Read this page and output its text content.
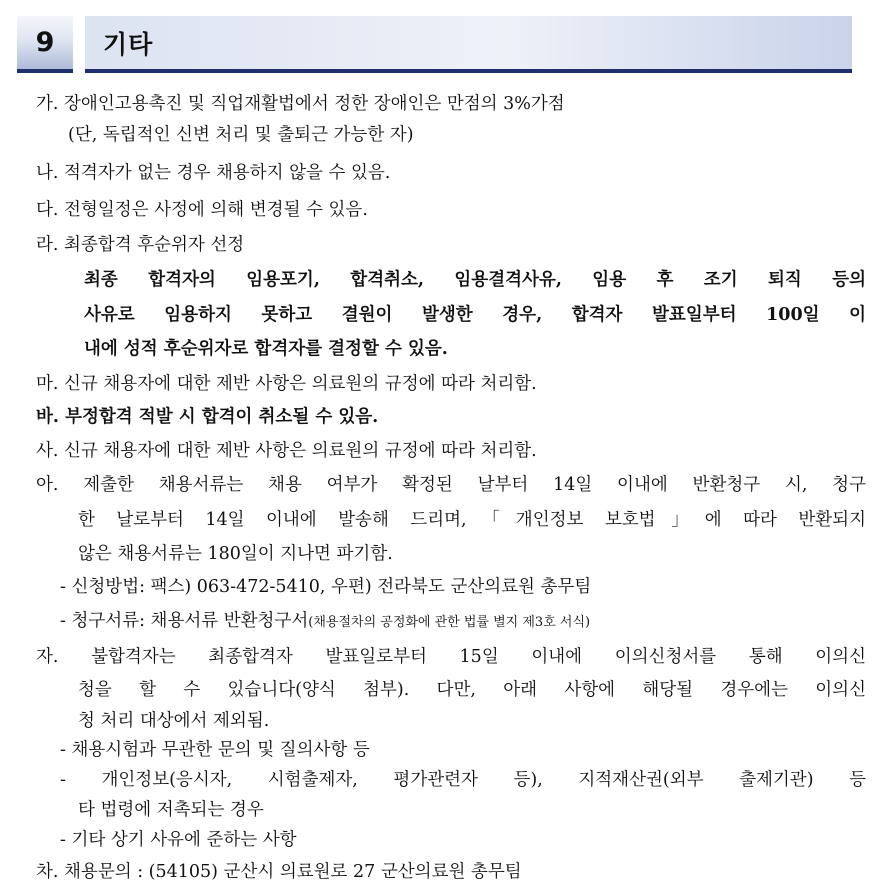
9 기타
가. 장애인고용촉진 및 직업재활법에서 정한 장애인은 만점의 3%가점
(단, 독립적인 신변 처리 및 출퇴근 가능한 자)
나. 적격자가 없는 경우 채용하지 않을 수 있음.
다. 전형일정은 사정에 의해 변경될 수 있음.
라. 최종합격 후순위자 선정
최종 합격자의 임용포기, 합격취소, 임용결격사유, 임용 후 조기 퇴직 등의
사유로 임용하지 못하고 결원이 발생한 경우, 합격자 발표일부터 100일 이
내에 성적 후순위자로 합격자를 결정할 수 있음.
마. 신규 채용자에 대한 제반 사항은 의료원의 규정에 따라 처리함.
바. 부정합격 적발 시 합격이 취소될 수 있음.
사. 신규 채용자에 대한 제반 사항은 의료원의 규정에 따라 처리함.
아. 제출한 채용서류는 채용 여부가 확정된 날부터 14일 이내에 반환청구 시, 청구
한 날로부터 14일 이내에 발송해 드리며,「개인정보 보호법」에 따라 반환되지
않은 채용서류는 180일이 지나면 파기함.
- 신청방법: 팩스) 063-472-5410, 우편) 전라북도 군산의료원 총무팀
- 청구서류: 채용서류 반환청구서(채용절차의 공정화에 관한 법률 별지 제3호 서식)
자. 불합격자는 최종합격자 발표일로부터 15일 이내에 이의신청서를 통해 이의신
청을 할 수 있습니다(양식 첨부). 다만, 아래 사항에 해당될 경우에는 이의신
청 처리 대상에서 제외됨.
- 채용시험과 무관한 문의 및 질의사항 등
- 개인정보(응시자, 시험출제자, 평가관련자 등), 지적재산권(외부 출제기관) 등
타 법령에 저촉되는 경우
- 기타 상기 사유에 준하는 사항
차. 채용문의 : (54105) 군산시 의료원로 27 군산의료원 총무팀
